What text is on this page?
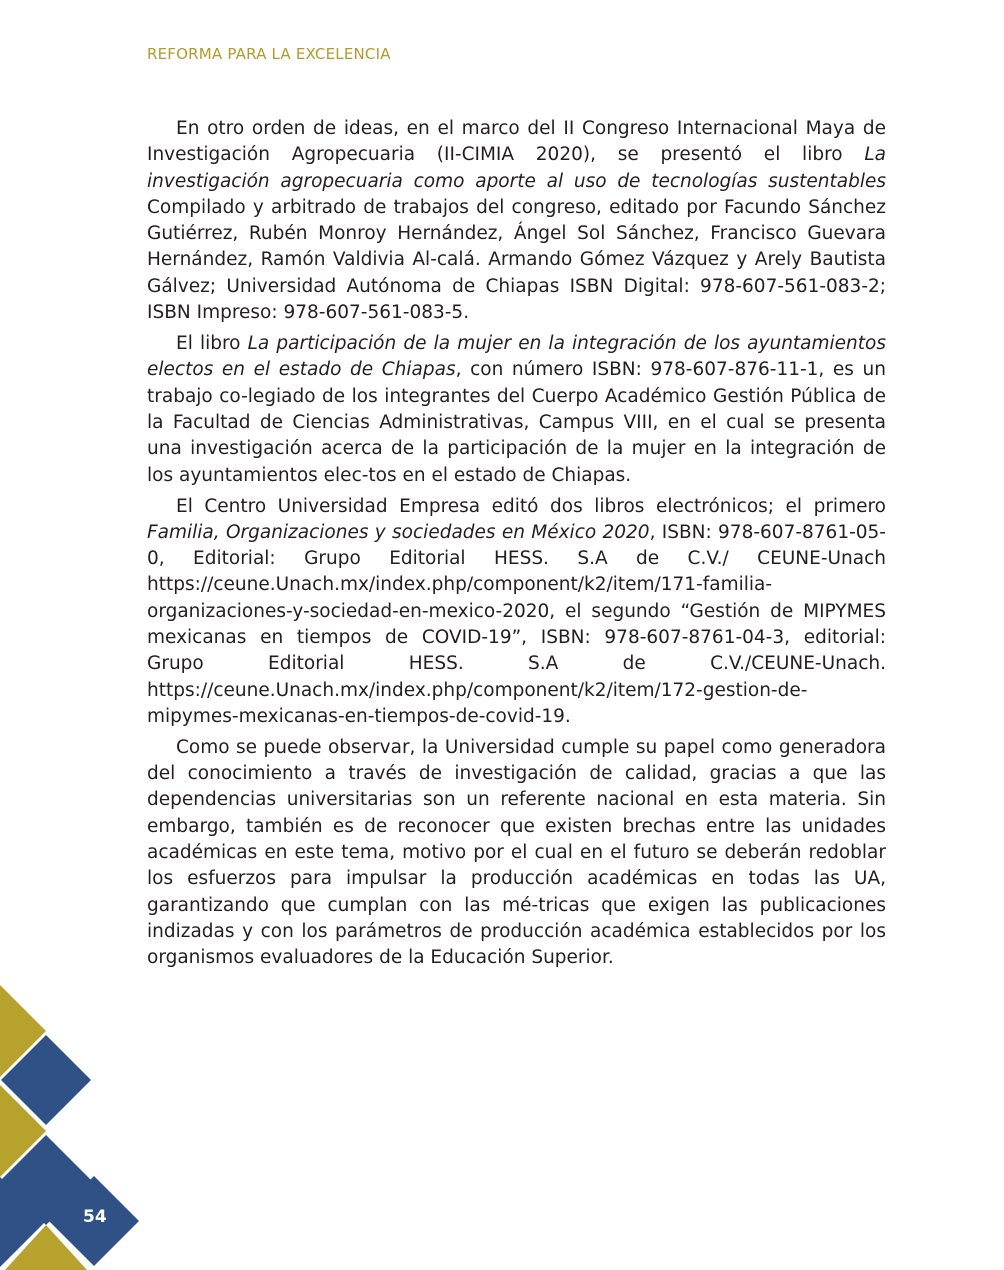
REFORMA PARA LA EXCELENCIA

En otro orden de ideas, en el marco del II Congreso Internacional Maya de Investigación Agropecuaria (II-CIMIA 2020), se presentó el libro La investigación agropecuaria como aporte al uso de tecnologías sustentables Compilado y arbitrado de trabajos del congreso, editado por Facundo Sánchez Gutiérrez, Rubén Monroy Hernández, Ángel Sol Sánchez, Francisco Guevara Hernández, Ramón Valdivia Al-calá. Armando Gómez Vázquez y Arely Bautista Gálvez; Universidad Autónoma de Chiapas ISBN Digital: 978-607-561-083-2; ISBN Impreso: 978-607-561-083-5.

El libro La participación de la mujer en la integración de los ayuntamientos electos en el estado de Chiapas, con número ISBN: 978-607-876-11-1, es un trabajo co-legiado de los integrantes del Cuerpo Académico Gestión Pública de la Facultad de Ciencias Administrativas, Campus VIII, en el cual se presenta una investigación acerca de la participación de la mujer en la integración de los ayuntamientos elec-tos en el estado de Chiapas.

El Centro Universidad Empresa editó dos libros electrónicos; el primero Familia, Organizaciones y sociedades en México 2020, ISBN: 978-607-8761-05-0, Editorial: Grupo Editorial HESS. S.A de C.V./ CEUNE-Unach https://ceune.Unach.mx/index.php/component/k2/item/171-familia-organizaciones-y-sociedad-en-mexico-2020, el segundo “Gestión de MIPYMES mexicanas en tiempos de COVID-19”, ISBN: 978-607-8761-04-3, editorial: Grupo Editorial HESS. S.A de C.V./CEUNE-Unach. https://ceune.Unach.mx/index.php/component/k2/item/172-gestion-de-mipymes-mexicanas-en-tiempos-de-covid-19.

Como se puede observar, la Universidad cumple su papel como generadora del conocimiento a través de investigación de calidad, gracias a que las dependencias universitarias son un referente nacional en esta materia. Sin embargo, también es de reconocer que existen brechas entre las unidades académicas en este tema, motivo por el cual en el futuro se deberán redoblar los esfuerzos para impulsar la producción académicas en todas las UA, garantizando que cumplan con las mé-tricas que exigen las publicaciones indizadas y con los parámetros de producción académica establecidos por los organismos evaluadores de la Educación Superior.

54
